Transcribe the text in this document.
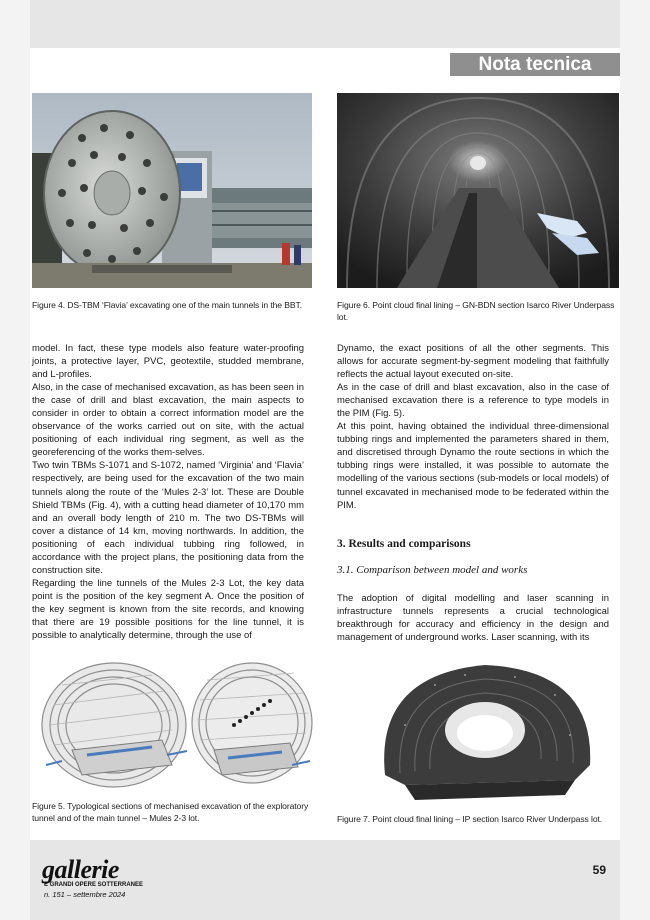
Nota tecnica
Figure 4. DS-TBM ‘Flavia’ excavating one of the main tunnels in the BBT.	Figure 6. Point cloud final lining – GN-BDN section Isarco River Underpass lot.

model. In fact, these type models also feature water-proofing joints, a protective layer, PVC, geotextile, studded membrane, and L-profiles.

Also, in the case of mechanised excavation, as has been seen in the case of drill and blast excavation, the main aspects to consider in order to obtain a correct information model are the observance of the works carried out on site, with the actual positioning of each individual ring segment, as well as the georeferencing of the works them-selves.

Two twin TBMs S-1071 and S-1072, named ‘Virginia’ and ‘Flavia’ respectively, are being used for the excavation of the two main tunnels along the route of the ‘Mules 2-3’ lot. These are Double Shield TBMs (Fig. 4), with a cutting head diameter of 10,170 mm and an overall body length of 210 m. The two DS-TBMs will cover a distance of 14 km, moving northwards. In addition, the positioning of each individual tubbing ring followed, in accordance with the project plans, the positioning data from the construction site.

Regarding the line tunnels of the Mules 2-3 Lot, the key data point is the position of the key segment A. Once the position of the key segment is known from the site records, and knowing that there are 19 possible positions for the line tunnel, it is possible to analytically determine, through the use of

Dynamo, the exact positions of all the other segments. This allows for accurate segment-by-segment modeling that faithfully reflects the actual layout executed on-site.

As in the case of drill and blast excavation, also in the case of mechanised excavation there is a reference to type models in the PIM (Fig. 5).

At this point, having obtained the individual three-dimensional tubbing rings and implemented the parameters shared in them, and discretised through Dynamo the route sections in which the tubbing rings were installed, it was possible to automate the modelling of the various sections (sub-models or local models) of tunnel excavated in mechanised mode to be federated within the PIM.

3. Results and comparisons
3.1. Comparison between model and works

The adoption of digital modelling and laser scanning in infrastructure tunnels represents a crucial technological breakthrough for accuracy and efficiency in the design and management of underground works. Laser scanning, with its

Figure 5. Typological sections of mechanised excavation of the exploratory
tunnel and of the main tunnel – Mules 2-3 lot.	Figure 7. Point cloud final lining – IP section Isarco River Underpass lot.
gallerie
E GRANDI OPERE SOTTERRANEE
n. 151 – settembre 2024
59
